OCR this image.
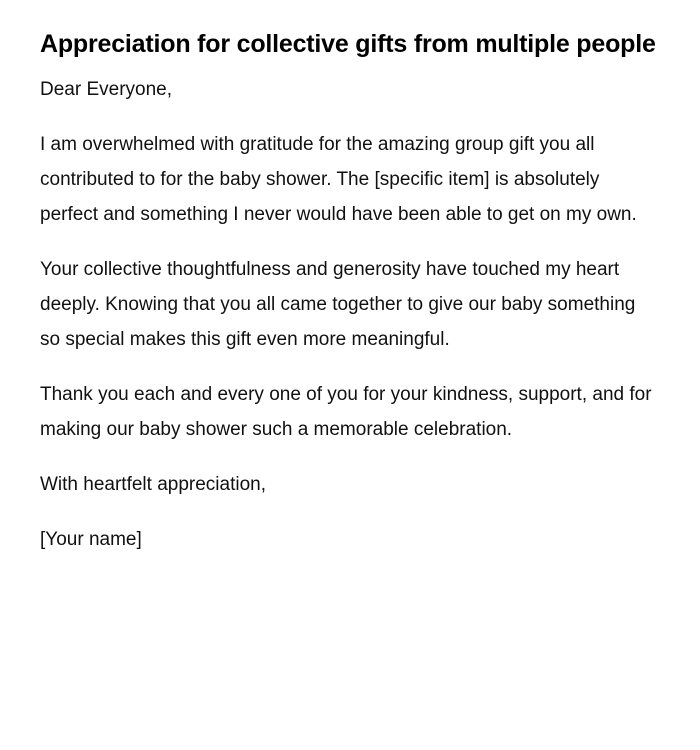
Appreciation for collective gifts from multiple people

Dear Everyone,

I am overwhelmed with gratitude for the amazing group gift you all contributed to for the baby shower. The [specific item] is absolutely perfect and something I never would have been able to get on my own.

Your collective thoughtfulness and generosity have touched my heart deeply. Knowing that you all came together to give our baby something so special makes this gift even more meaningful.

Thank you each and every one of you for your kindness, support, and for making our baby shower such a memorable celebration.

With heartfelt appreciation,

[Your name]
